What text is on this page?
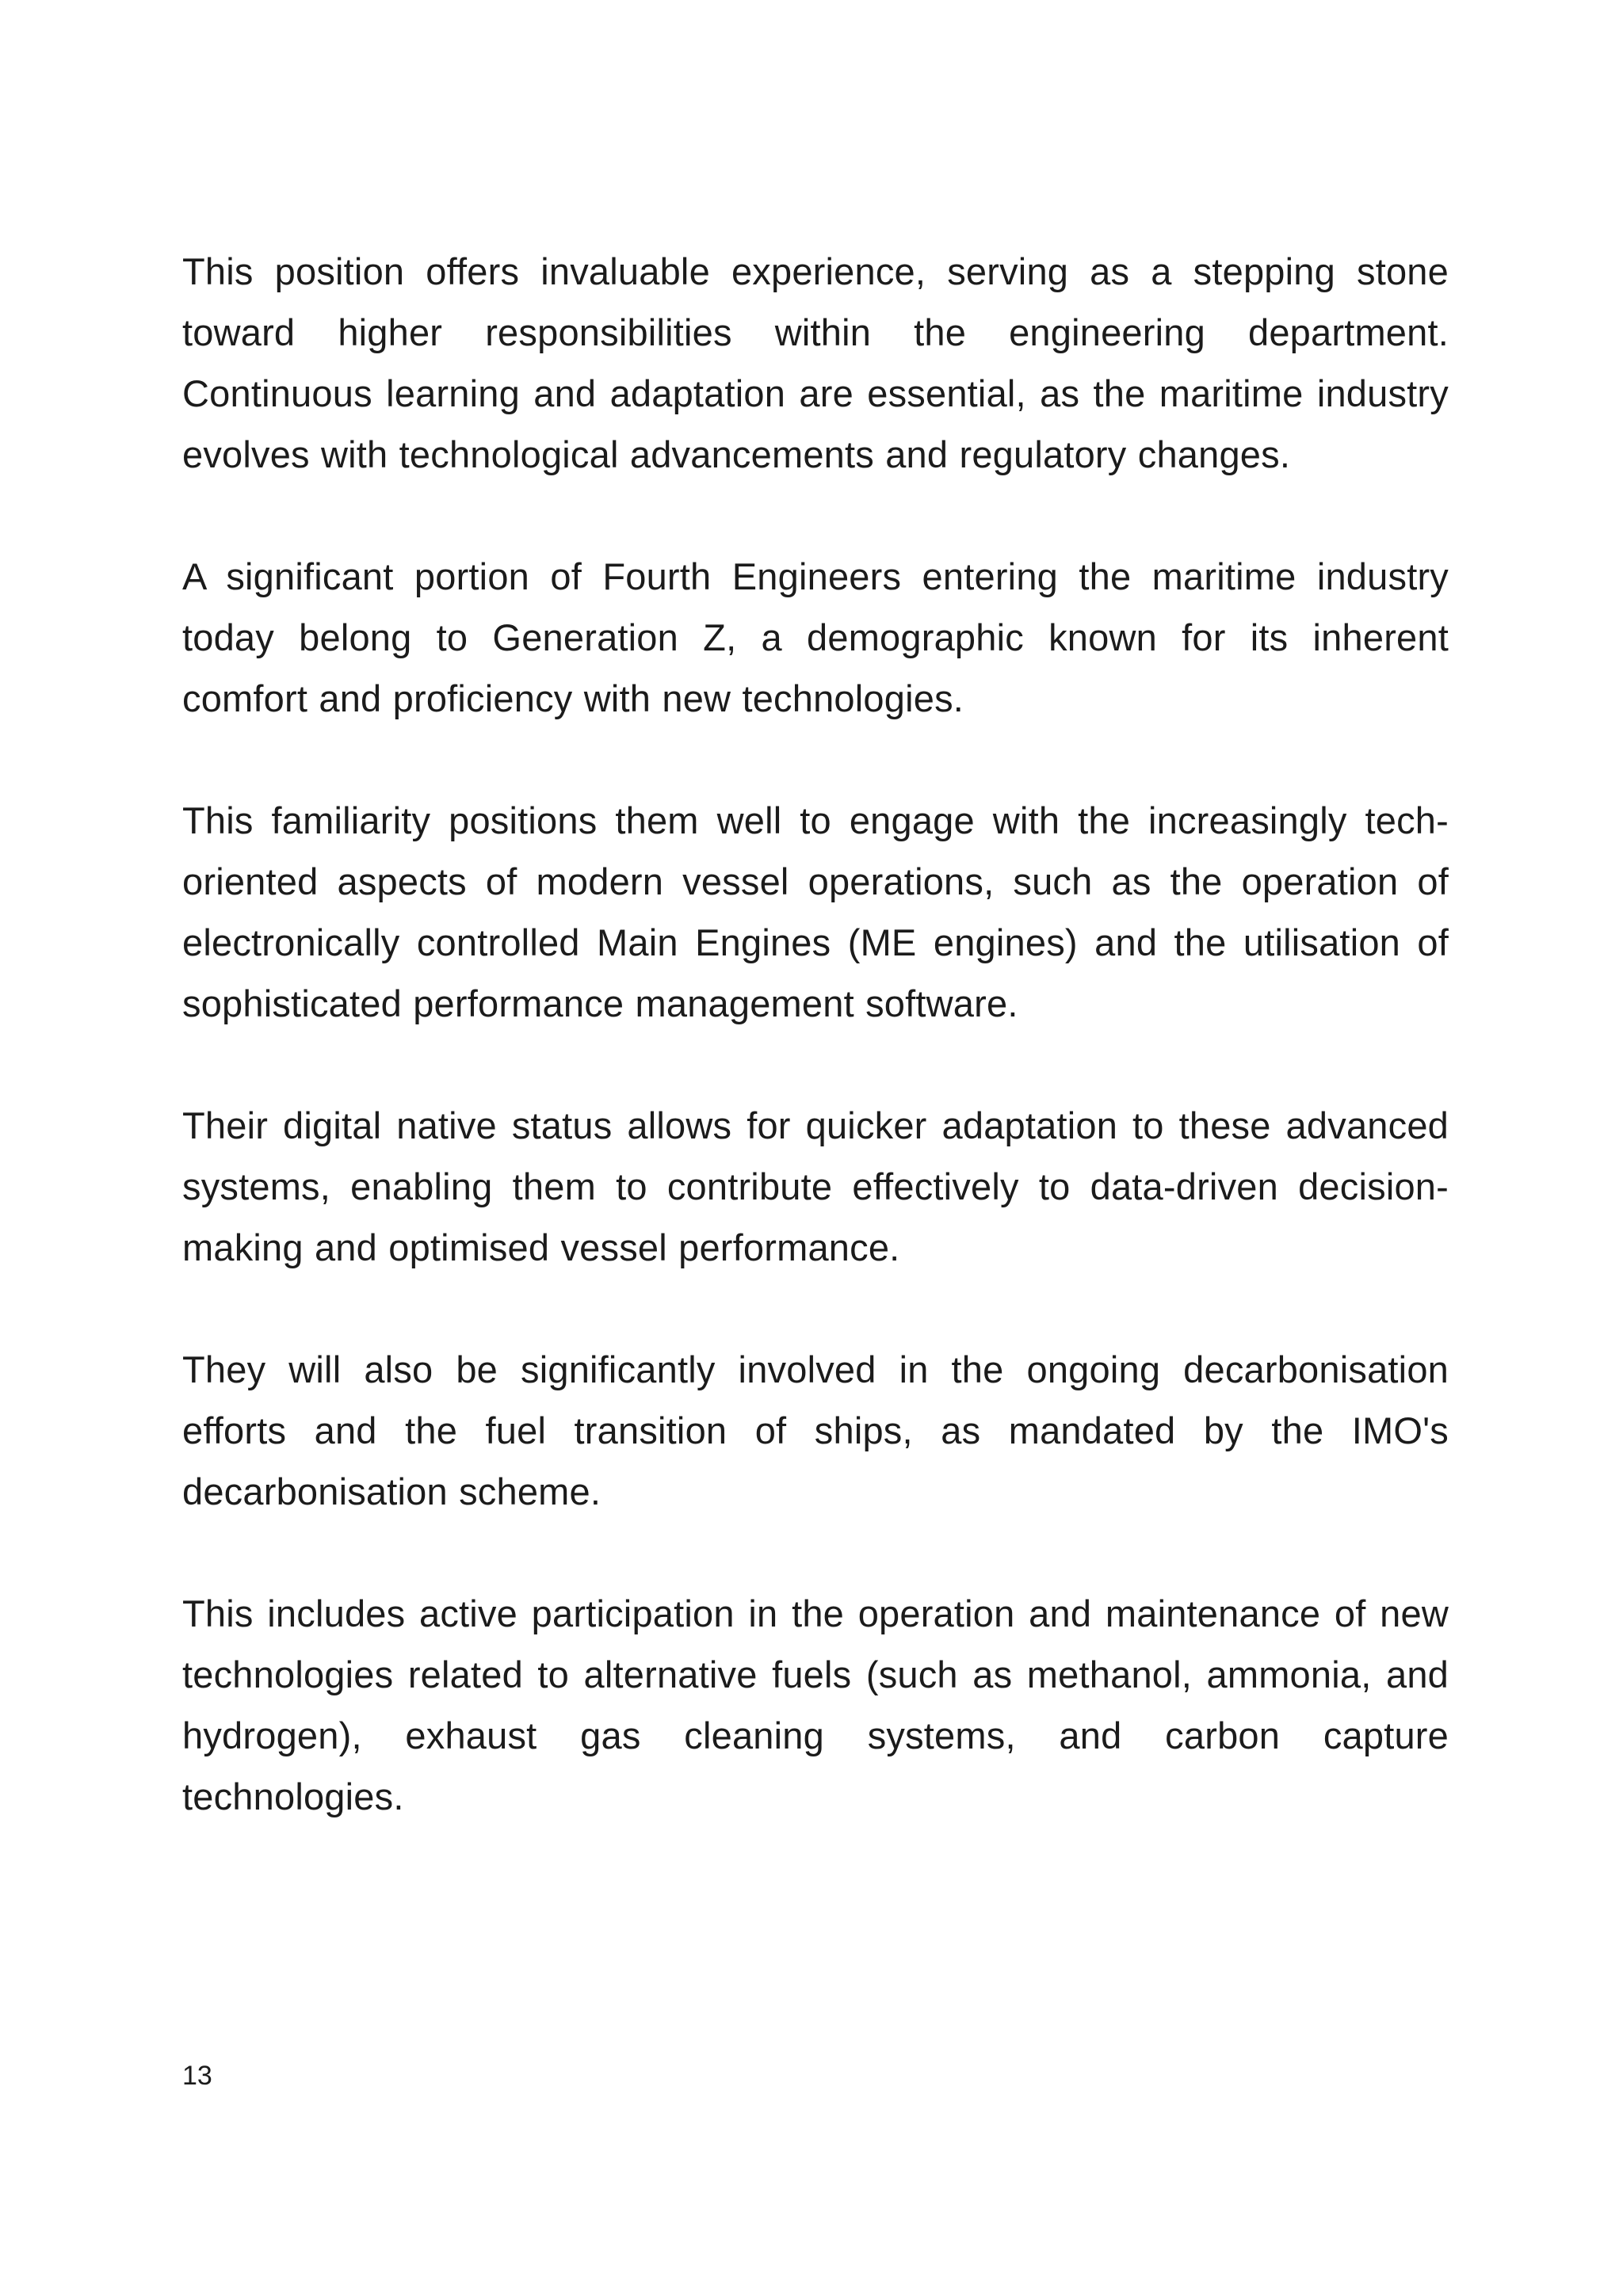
This position offers invaluable experience, serving as a stepping stone toward higher responsibilities within the engineering department. Continuous learning and adaptation are essential, as the maritime industry evolves with technological advancements and regulatory changes.

A significant portion of Fourth Engineers entering the maritime industry today belong to Generation Z, a demographic known for its inherent comfort and proficiency with new technologies.

This familiarity positions them well to engage with the increasingly tech-oriented aspects of modern vessel operations, such as the operation of electronically controlled Main Engines (ME engines) and the utilisation of sophisticated performance management software.

Their digital native status allows for quicker adaptation to these advanced systems, enabling them to contribute effectively to data-driven decision-making and optimised vessel performance.

They will also be significantly involved in the ongoing decarbonisation efforts and the fuel transition of ships, as mandated by the IMO's decarbonisation scheme.

This includes active participation in the operation and maintenance of new technologies related to alternative fuels (such as methanol, ammonia, and hydrogen), exhaust gas cleaning systems, and carbon capture technologies.

13
